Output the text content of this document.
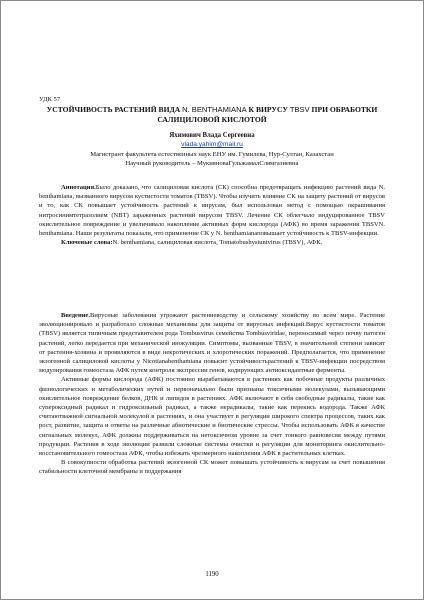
УДК 57
УСТОЙЧИВОСТЬ РАСТЕНИЙ ВИДА N. BENTHAMIANA К ВИРУСУ TBSV ПРИ ОБРАБОТКИ САЛИЦИЛОВОЙ КИСЛОТОЙ
Яхимович Влада Сергеевна
vlada.yahim@mail.ru
Магистрант факультета естественных наук ЕНУ им. Гумилева, Нур-Султан, Казахстан
Научный руководитель – МукияноваГульжамалСлямгазиевна

Аннотация.Было доказано, что салициловая кислота (СК) способна предотвращать инфекцию растений вида N. benthamiana, вызванного вирусом кустистости томатов (TBSV). Чтобы изучить влияние СК на защиту растений от вирусов и то, как СК повышает устойчивость растений к вирусам, был использован метод с помощью окрашивания нитросинимтетразолием (NBT) зараженных растений вирусом TBSV. Лечение СК облегчало индуцированное TBSV окислительное повреждение и увеличивало накопление активных форм кислорода (АФК) во время заражения TBSVN. benthamiana. Наши результаты показали, что применение СК у N. benthamianaповышает устойчивость к TBSV-инфекции.

Ключевые слова:N. benthamiana, салициловая кислота, Tomatobushystuntvirus (TBSV), АФК.

Введение.Вирусные заболевания угрожают растениеводству и сельскому хозяйству во всем мире. Растение эволюционировало и разработало сложные механизмы для защиты от вирусных инфекций.Вирус кустистости томатов (TBSV) является типичным представителем рода Tombusvirus семейства Tombusviridae, переносимый через почву патоген растений, легко передается при механической инокуляции. Симптомы, вызванные TBSV, в значительной степени зависят от растения-хозяина и проявляются в виде некротических и хлоротических поражений. Предполагается, что применение экзогенной салициловой кислоты у Nicotianabenthamiana повысит устойчивостьрастений к TBSV-инфекции посредством модулирования гомеостаза АФК путем контроля экспрессии генов, кодирующих антиоксидантные ферменты.

Активные формы кислорода (АФК) постоянно вырабатываются в растениях как побочные продукты различных физиологических и метаболических путей и первоначально были признаны токсичными молекулами, вызывающими окислительное повреждение белков, ДНК и липидов в растениях. АФК включают в себя свободные радикалы, такие как супероксидный радикал и гидроксильный радикал, а также нерадикалы, такие как перекись водорода. Также АФК считаютважной сигнальной молекулой в растениях, и она участвует в регуляции широкого спектра процессов, таких как рост, развитие, защита и ответы на различные абиотические и биотические стрессы. Чтобы использовать АФК в качестве сигнальных молекул, АФК должны поддерживаться на нетоксичном уровне за счет тонкого равновесия между путями продукции. Растения в ходе эволюции развили сложные системы очистки и регуляции для мониторинга окислительно-восстановительного гомеостаза АФК, чтобы избежать чрезмерного накопления АФК в растительных клетках.

В совокупности обработка растений экзогенной СК может повышать устойчивость к вирусам за счет повышения стабильности клеточной мембраны и поддержания

1190
